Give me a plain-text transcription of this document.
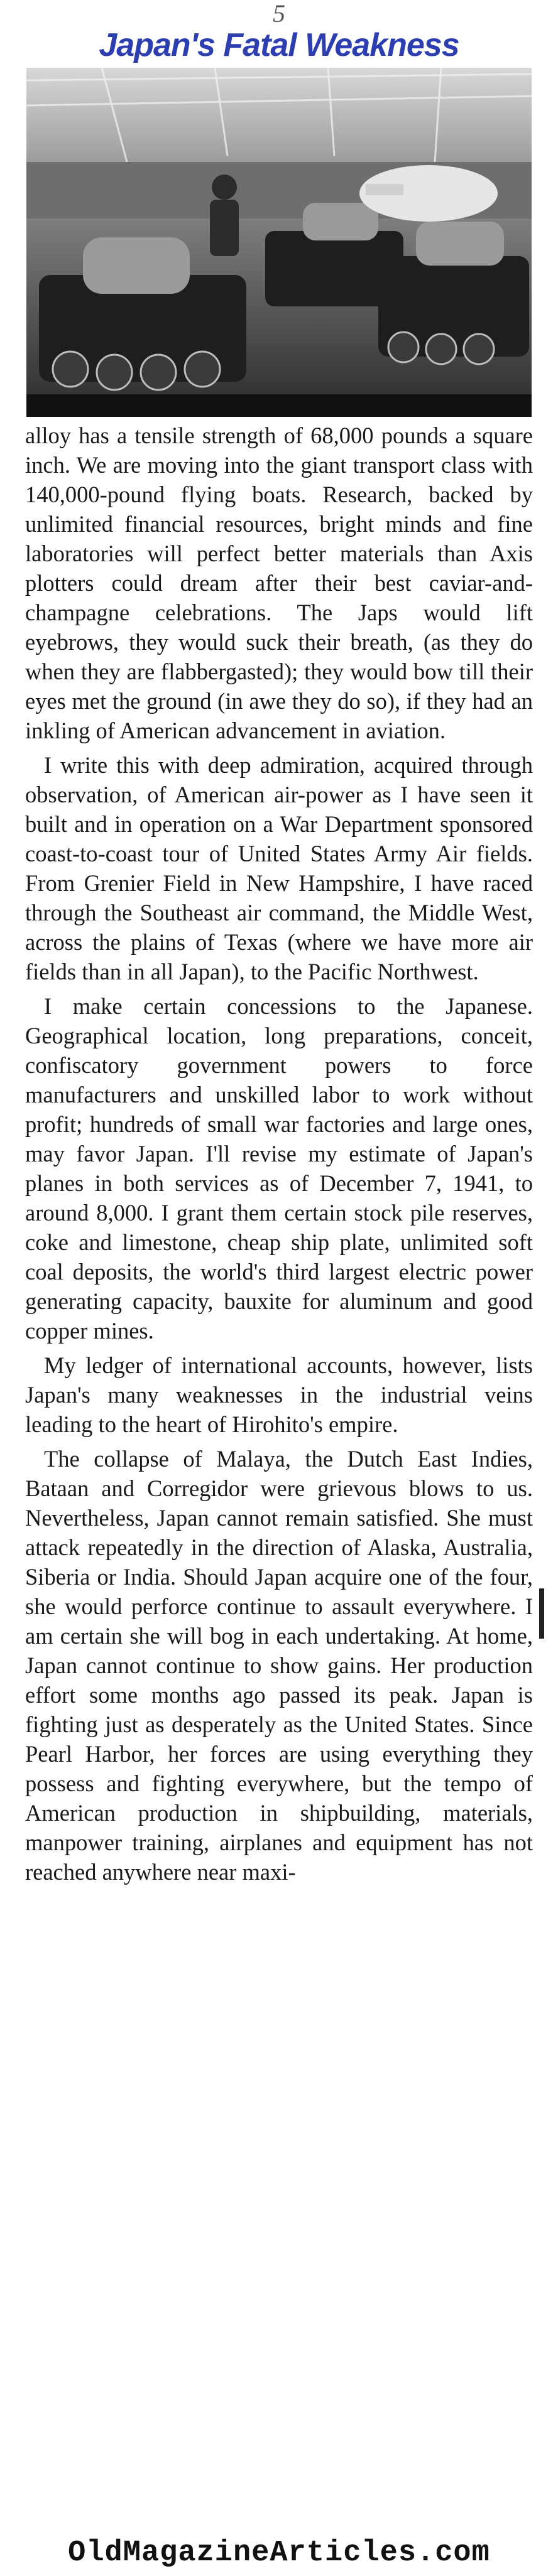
5
Japan's Fatal Weakness

alloy has a tensile strength of 68,000 pounds a square inch. We are moving into the giant transport class with 140,000-pound flying boats. Research, backed by unlimited financial resources, bright minds and fine laboratories will perfect better materials than Axis plotters could dream after their best caviar-and-champagne celebrations. The Japs would lift eyebrows, they would suck their breath, (as they do when they are flabbergasted); they would bow till their eyes met the ground (in awe they do so), if they had an inkling of American advancement in aviation.

I write this with deep admiration, acquired through observation, of American air-power as I have seen it built and in operation on a War Department sponsored coast-to-coast tour of United States Army Air fields. From Grenier Field in New Hampshire, I have raced through the Southeast air command, the Middle West, across the plains of Texas (where we have more air fields than in all Japan), to the Pacific Northwest.

I make certain concessions to the Japanese. Geographical location, long preparations, conceit, confiscatory government powers to force manufacturers and unskilled labor to work without profit; hundreds of small war factories and large ones, may favor Japan. I'll revise my estimate of Japan's planes in both services as of December 7, 1941, to around 8,000. I grant them certain stock pile reserves, coke and limestone, cheap ship plate, unlimited soft coal deposits, the world's third largest electric power generating capacity, bauxite for aluminum and good copper mines.

My ledger of international accounts, however, lists Japan's many weaknesses in the industrial veins leading to the heart of Hirohito's empire.

The collapse of Malaya, the Dutch East Indies, Bataan and Corregidor were grievous blows to us. Nevertheless, Japan cannot remain satisfied. She must attack repeatedly in the direction of Alaska, Australia, Siberia or India. Should Japan acquire one of the four, she would perforce continue to assault everywhere. I am certain she will bog in each undertaking. At home, Japan cannot continue to show gains. Her production effort some months ago passed its peak. Japan is fighting just as desperately as the United States. Since Pearl Harbor, her forces are using everything they possess and fighting everywhere, but the tempo of American production in shipbuilding, materials, manpower training, airplanes and equipment has not reached anywhere near maxi-

OldMagazineArticles.com
